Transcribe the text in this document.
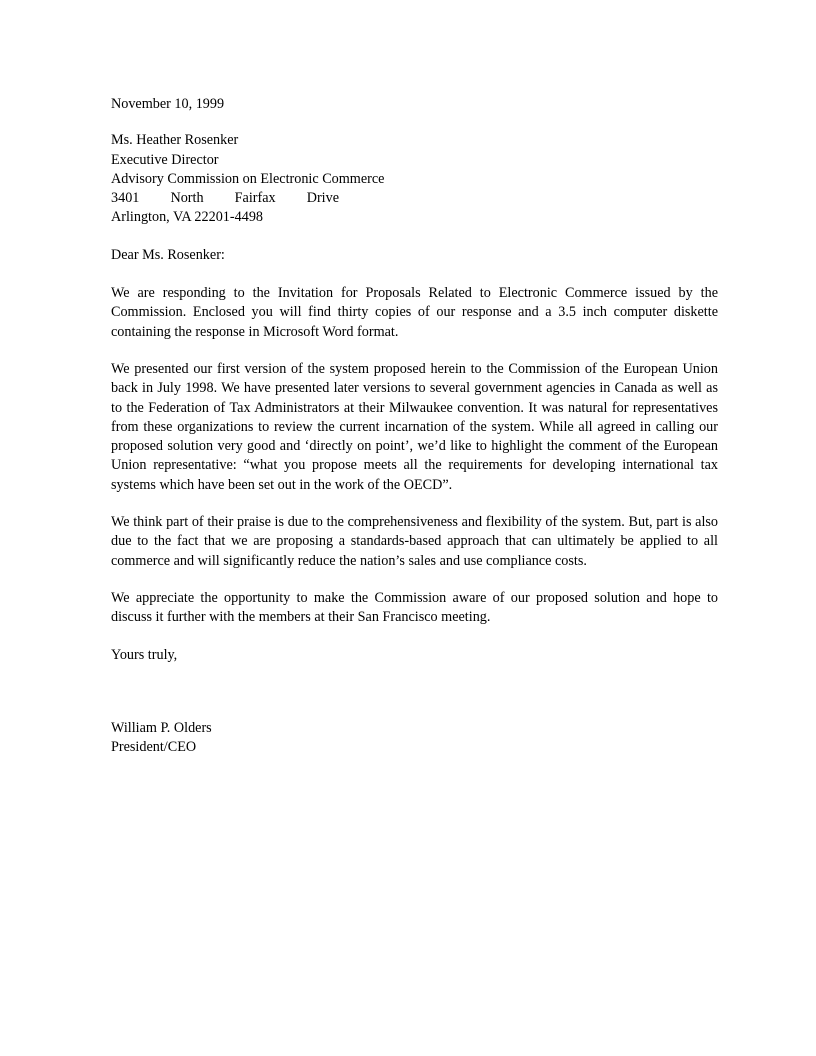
November 10, 1999
Ms. Heather Rosenker
Executive Director
Advisory Commission on Electronic Commerce
3401 North Fairfax Drive
Arlington, VA 22201-4498
Dear Ms. Rosenker:

We are responding to the Invitation for Proposals Related to Electronic Commerce issued by the Commission. Enclosed you will find thirty copies of our response and a 3.5 inch computer diskette containing the response in Microsoft Word format.

We presented our first version of the system proposed herein to the Commission of the European Union back in July 1998. We have presented later versions to several government agencies in Canada as well as to the Federation of Tax Administrators at their Milwaukee convention. It was natural for representatives from these organizations to review the current incarnation of the system. While all agreed in calling our proposed solution very good and ‘directly on point’, we’d like to highlight the comment of the European Union representative: “what you propose meets all the requirements for developing international tax systems which have been set out in the work of the OECD”.

We think part of their praise is due to the comprehensiveness and flexibility of the system. But, part is also due to the fact that we are proposing a standards-based approach that can ultimately be applied to all commerce and will significantly reduce the nation’s sales and use compliance costs.

We appreciate the opportunity to make the Commission aware of our proposed solution and hope to discuss it further with the members at their San Francisco meeting.

Yours truly,
William P. Olders
President/CEO
